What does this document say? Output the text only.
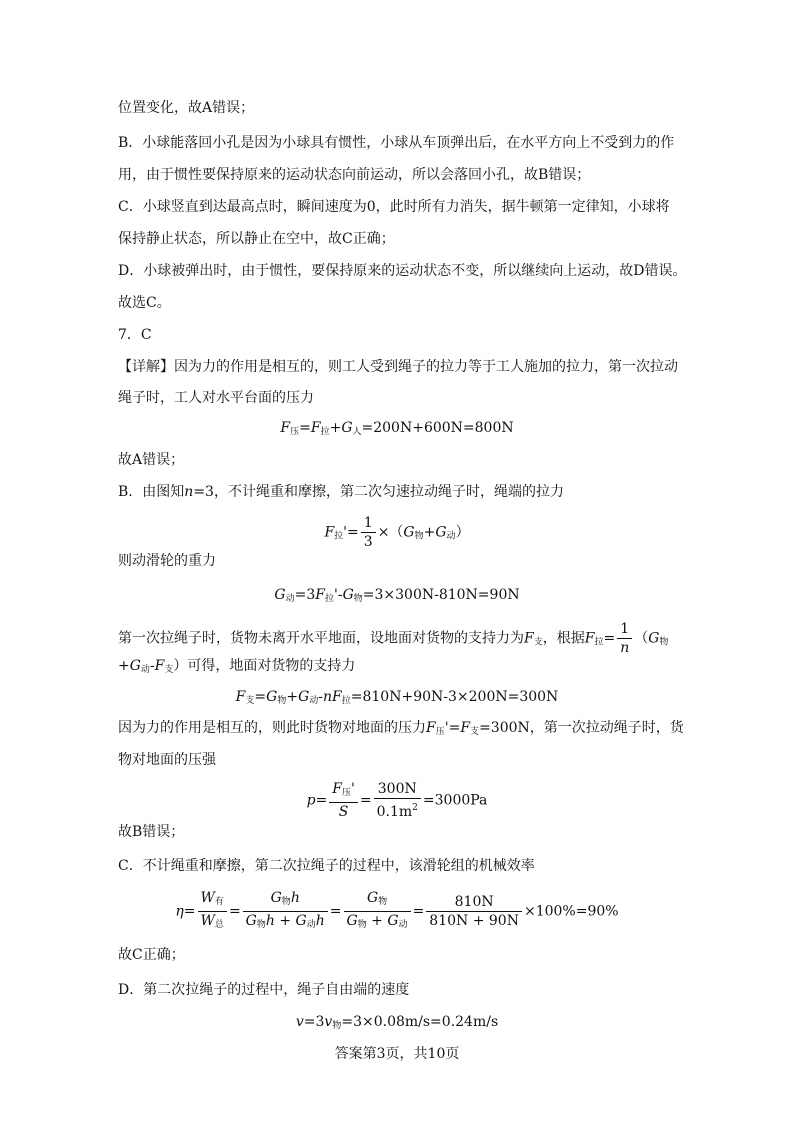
位置变化，故A错误；
B．小球能落回小孔是因为小球具有惯性，小球从车顶弹出后，在水平方向上不受到力的作
用，由于惯性要保持原来的运动状态向前运动，所以会落回小孔，故B错误；
C．小球竖直到达最高点时，瞬间速度为0，此时所有力消失，据牛顿第一定律知，小球将
保持静止状态，所以静止在空中，故C正确；
D．小球被弹出时，由于惯性，要保持原来的运动状态不变，所以继续向上运动，故D错误。
故选C。
7．C
【详解】因为力的作用是相互的，则工人受到绳子的拉力等于工人施加的拉力，第一次拉动
绳子时，工人对水平台面的压力
$F_压=F_拉+G_人=200N+600N=800N$
故A错误；
B．由图知n=3，不计绳重和摩擦，第二次匀速拉动绳子时，绳端的拉力
$F_拉'= \frac{1}{3} \times(G_物+G_动)$
则动滑轮的重力
$G_动=3F_拉'-G_物=3\times 300N-810N=90N$
第一次拉绳子时，货物未离开水平地面，设地面对货物的支持力为$F_支$，根据$F_拉= \frac{1}{n} (G_物$
$+G_动-F_支$）可得，地面对货物的支持力
$F_支=G_物+G_动-nF_拉=810N+90N-3\times 200N=300N$
因为力的作用是相互的，则此时货物对地面的压力$F_压'=F_支=300N$，第一次拉动绳子时，货
物对地面的压强
$p= \frac{F_压'}{S} = \frac{300N}{0.1m^2} =3000Pa$
故B错误；
C．不计绳重和摩擦，第二次拉绳子的过程中，该滑轮组的机械效率
$\eta= \frac{W_有}{W_总} = \frac{G_物h}{G_物h + G_动h} = \frac{G_物}{G_物 + G_动} = \frac{810N}{810N + 90N} \times 100\%=90\%$
故C正确；
D．第二次拉绳子的过程中，绳子自由端的速度
$v=3v_物=3\times 0.08m/s=0.24m/s$
答案第3页，共10页
